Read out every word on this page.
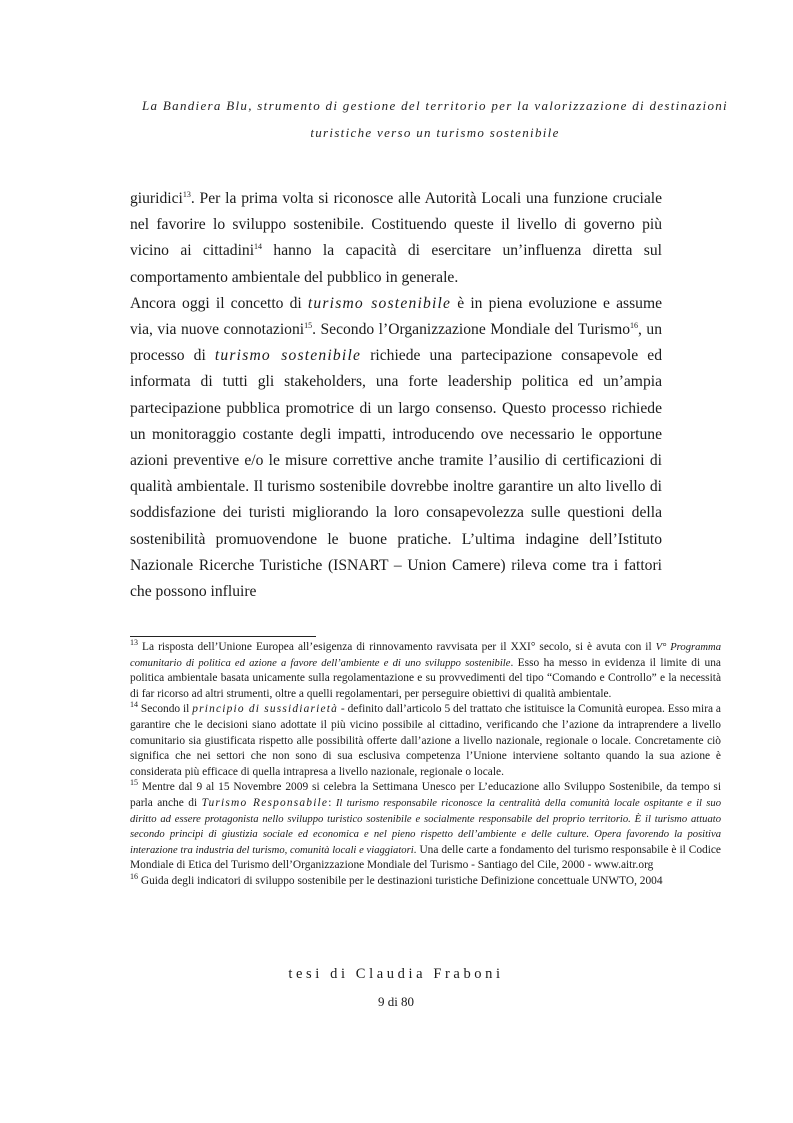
La Bandiera Blu, strumento di gestione del territorio per la valorizzazione di destinazioni
turistiche verso un turismo sostenibile

giuridici$^{13}$. Per la prima volta si riconosce alle Autorità Locali una funzione cruciale nel favorire lo sviluppo sostenibile. Costituendo queste il livello di governo più vicino ai cittadini$^{14}$ hanno la capacità di esercitare un’influenza diretta sul comportamento ambientale del pubblico in generale.

Ancora oggi il concetto di turismo sostenibile è in piena evoluzione e assume via, via nuove connotazioni$^{15}$. Secondo l’Organizzazione Mondiale del Turismo$^{16}$, un processo di turismo sostenibile richiede una partecipazione consapevole ed informata di tutti gli stakeholders, una forte leadership politica ed un’ampia partecipazione pubblica promotrice di un largo consenso. Questo processo richiede un monitoraggio costante degli impatti, introducendo ove necessario le opportune azioni preventive e/o le misure correttive anche tramite l’ausilio di certificazioni di qualità ambientale. Il turismo sostenibile dovrebbe inoltre garantire un alto livello di soddisfazione dei turisti migliorando la loro consapevolezza sulle questioni della sostenibilità promuovendone le buone pratiche. L’ultima indagine dell’Istituto Nazionale Ricerche Turistiche (ISNART – Union Camere) rileva come tra i fattori che possono influire

$^{13}$ La risposta dell’Unione Europea all’esigenza di rinnovamento ravvisata per il XXI° secolo, si è avuta con il V° Programma comunitario di politica ed azione a favore dell’ambiente e di uno sviluppo sostenibile. Esso ha messo in evidenza il limite di una politica ambientale basata unicamente sulla regolamentazione e su provvedimenti del tipo “Comando e Controllo” e la necessità di far ricorso ad altri strumenti, oltre a quelli regolamentari, per perseguire obiettivi di qualità ambientale.

$^{14}$ Secondo il principio di sussidiarietà - definito dall’articolo 5 del trattato che istituisce la Comunità europea. Esso mira a garantire che le decisioni siano adottate il più vicino possibile al cittadino, verificando che l’azione da intraprendere a livello comunitario sia giustificata rispetto alle possibilità offerte dall’azione a livello nazionale, regionale o locale. Concretamente ciò significa che nei settori che non sono di sua esclusiva competenza l’Unione interviene soltanto quando la sua azione è considerata più efficace di quella intrapresa a livello nazionale, regionale o locale.

$^{15}$ Mentre dal 9 al 15 Novembre 2009 si celebra la Settimana Unesco per L’educazione allo Sviluppo Sostenibile, da tempo si parla anche di Turismo Responsabile: Il turismo responsabile riconosce la centralità della comunità locale ospitante e il suo diritto ad essere protagonista nello sviluppo turistico sostenibile e socialmente responsabile del proprio territorio. È il turismo attuato secondo principi di giustizia sociale ed economica e nel pieno rispetto dell’ambiente e delle culture. Opera favorendo la positiva interazione tra industria del turismo, comunità locali e viaggiatori. Una delle carte a fondamento del turismo responsabile è il Codice Mondiale di Etica del Turismo dell’Organizzazione Mondiale del Turismo - Santiago del Cile, 2000 - www.aitr.org

$^{16}$ Guida degli indicatori di sviluppo sostenibile per le destinazioni turistiche Definizione concettuale UNWTO, 2004

tesi di Claudia Fraboni
9 di 80
